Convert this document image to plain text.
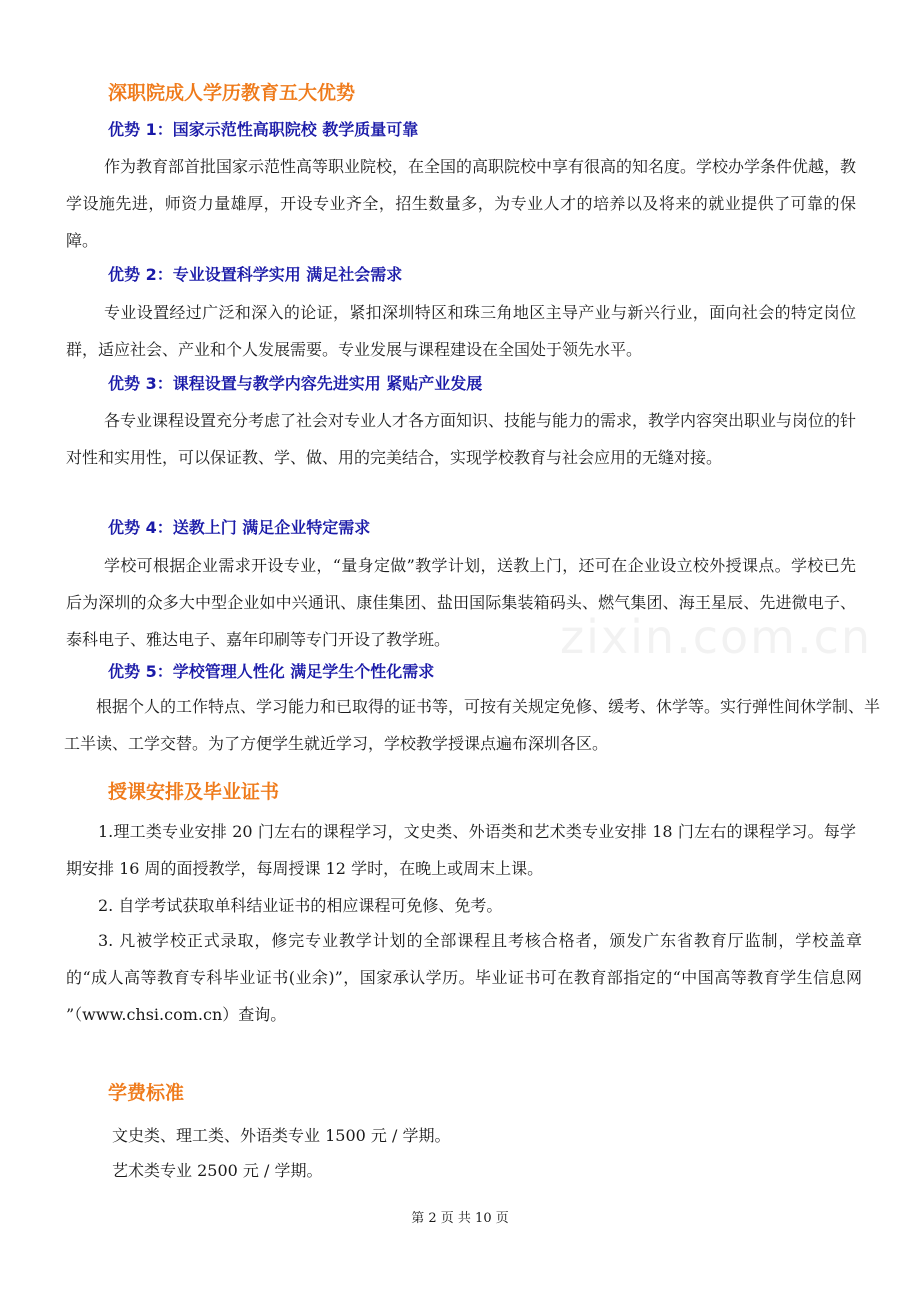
zixin.com.cn
深职院成人学历教育五大优势
优势 1：国家示范性高职院校 教学质量可靠

作为教育部首批国家示范性高等职业院校，在全国的高职院校中享有很高的知名度。学校办学条件优越，教学设施先进，师资力量雄厚，开设专业齐全，招生数量多，为专业人才的培养以及将来的就业提供了可靠的保障。

优势 2：专业设置科学实用 满足社会需求

专业设置经过广泛和深入的论证，紧扣深圳特区和珠三角地区主导产业与新兴行业，面向社会的特定岗位群，适应社会、产业和个人发展需要。专业发展与课程建设在全国处于领先水平。

优势 3：课程设置与教学内容先进实用 紧贴产业发展

各专业课程设置充分考虑了社会对专业人才各方面知识、技能与能力的需求，教学内容突出职业与岗位的针对性和实用性，可以保证教、学、做、用的完美结合，实现学校教育与社会应用的无缝对接。

优势 4：送教上门 满足企业特定需求

学校可根据企业需求开设专业，“量身定做”教学计划，送教上门，还可在企业设立校外授课点。学校已先后为深圳的众多大中型企业如中兴通讯、康佳集团、盐田国际集装箱码头、燃气集团、海王星辰、先进微电子、泰科电子、雅达电子、嘉年印刷等专门开设了教学班。

优势 5：学校管理人性化 满足学生个性化需求

根据个人的工作特点、学习能力和已取得的证书等，可按有关规定免修、缓考、休学等。实行弹性间休学制、半工半读、工学交替。为了方便学生就近学习，学校教学授课点遍布深圳各区。

授课安排及毕业证书

1.理工类专业安排 20 门左右的课程学习，文史类、外语类和艺术类专业安排 18 门左右的课程学习。每学期安排 16 周的面授教学，每周授课 12 学时，在晚上或周末上课。

2. 自学考试获取单科结业证书的相应课程可免修、免考。

3. 凡被学校正式录取，修完专业教学计划的全部课程且考核合格者，颁发广东省教育厅监制，学校盖章的“成人高等教育专科毕业证书(业余)”，国家承认学历。毕业证书可在教育部指定的“中国高等教育学生信息网 ”（www.chsi.com.cn）查询。

学费标准
文史类、理工类、外语类专业 1500 元 / 学期。
艺术类专业 2500 元 / 学期。
第 2 页 共 10 页
